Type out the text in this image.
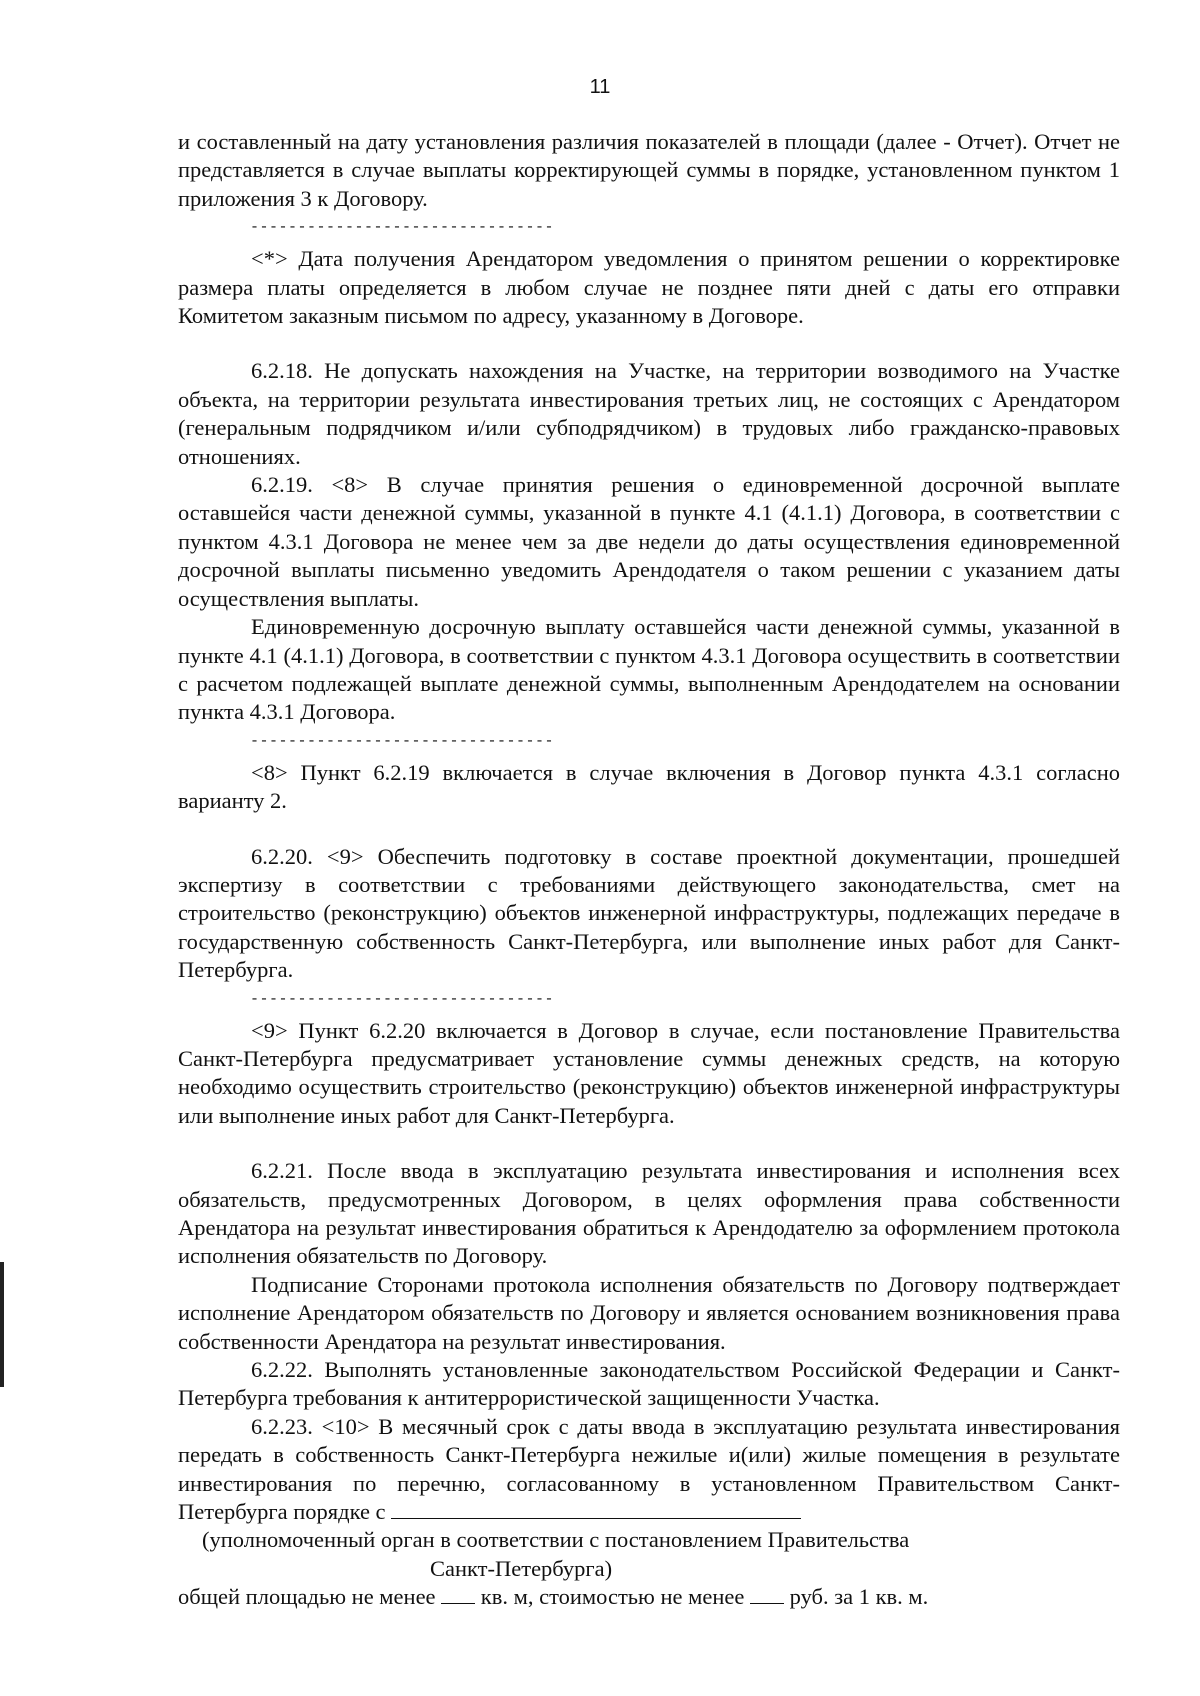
11

и составленный на дату установления различия показателей в площади (далее - Отчет). Отчет не представляется в случае выплаты корректирующей суммы в порядке, установленном пунктом 1 приложения 3 к Договору.

--------------------------------

<*> Дата получения Арендатором уведомления о принятом решении о корректировке размера платы определяется в любом случае не позднее пяти дней с даты его отправки Комитетом заказным письмом по адресу, указанному в Договоре.

6.2.18. Не допускать нахождения на Участке, на территории возводимого на Участке объекта, на территории результата инвестирования третьих лиц, не состоящих с Арендатором (генеральным подрядчиком и/или субподрядчиком) в трудовых либо гражданско-правовых отношениях.

6.2.19. <8> В случае принятия решения о единовременной досрочной выплате оставшейся части денежной суммы, указанной в пункте 4.1 (4.1.1) Договора, в соответствии с пунктом 4.3.1 Договора не менее чем за две недели до даты осуществления единовременной досрочной выплаты письменно уведомить Арендодателя о таком решении с указанием даты осуществления выплаты.

Единовременную досрочную выплату оставшейся части денежной суммы, указанной в пункте 4.1 (4.1.1) Договора, в соответствии с пунктом 4.3.1 Договора осуществить в соответствии с расчетом подлежащей выплате денежной суммы, выполненным Арендодателем на основании пункта 4.3.1 Договора.

--------------------------------

<8> Пункт 6.2.19 включается в случае включения в Договор пункта 4.3.1 согласно варианту 2.

6.2.20. <9> Обеспечить подготовку в составе проектной документации, прошедшей экспертизу в соответствии с требованиями действующего законодательства, смет на строительство (реконструкцию) объектов инженерной инфраструктуры, подлежащих передаче в государственную собственность Санкт-Петербурга, или выполнение иных работ для Санкт-Петербурга.

--------------------------------

<9> Пункт 6.2.20 включается в Договор в случае, если постановление Правительства Санкт-Петербурга предусматривает установление суммы денежных средств, на которую необходимо осуществить строительство (реконструкцию) объектов инженерной инфраструктуры или выполнение иных работ для Санкт-Петербурга.

6.2.21. После ввода в эксплуатацию результата инвестирования и исполнения всех обязательств, предусмотренных Договором, в целях оформления права собственности Арендатора на результат инвестирования обратиться к Арендодателю за оформлением протокола исполнения обязательств по Договору.

Подписание Сторонами протокола исполнения обязательств по Договору подтверждает исполнение Арендатором обязательств по Договору и является основанием возникновения права собственности Арендатора на результат инвестирования.

6.2.22. Выполнять установленные законодательством Российской Федерации и Санкт-Петербурга требования к антитеррористической защищенности Участка.

6.2.23. <10> В месячный срок с даты ввода в эксплуатацию результата инвестирования передать в собственность Санкт-Петербурга нежилые и(или) жилые помещения в результате инвестирования по перечню, согласованному в установленном Правительством Санкт-Петербурга порядке с

(уполномоченный орган в соответствии с постановлением Правительства

Санкт-Петербурга)

общей площадью не менее кв. м, стоимостью не менее руб. за 1 кв. м.
